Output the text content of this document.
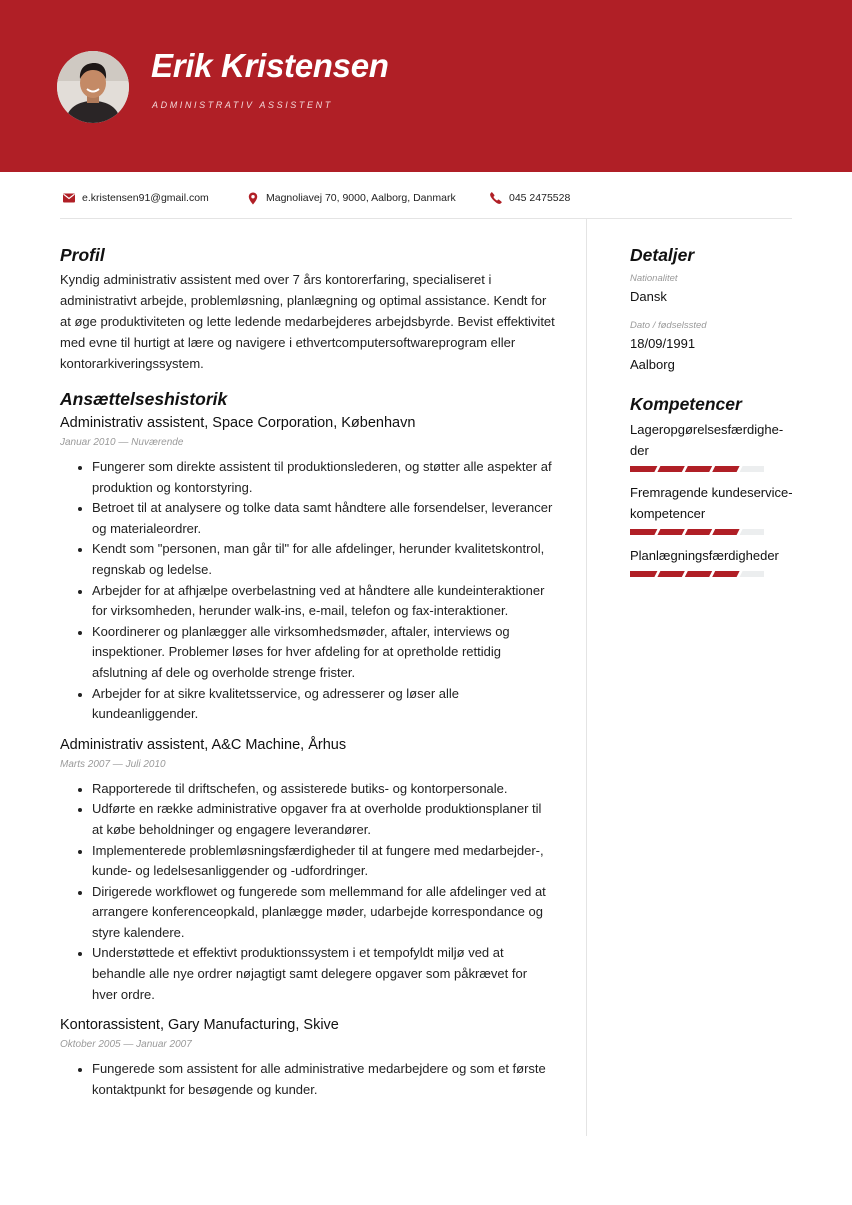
Erik Kristensen
ADMINISTRATIV ASSISTENT
e.kristensen91@gmail.com	Magnoliavej 70, 9000, Aalborg, Danmark	045 2475528
Profil

Kyndig administrativ assistent med over 7 års kontorerfaring, specialiseret i administrativt arbejde, problemløsning, planlægning og optimal assistance. Kendt for at øge produktiviteten og lette ledende medarbejderes arbejdsbyrde. Bevist effektivitet med evne til hurtigt at lære og navigere i ethvertcomputersoftwareprogram eller kontorarkiveringssystem.

Ansættelseshistorik
Administrativ assistent, Space Corporation, København
Januar 2010 — Nuværende
• Fungerer som direkte assistent til produktionslederen, og støtter alle aspekter af produktion og kontorstyring.
• Betroet til at analysere og tolke data samt håndtere alle forsendelser, leverancer og materialeordrer.
• Kendt som "personen, man går til" for alle afdelinger, herunder kvalitetskontrol, regnskab og ledelse.
• Arbejder for at afhjælpe overbelastning ved at håndtere alle kundeinteraktioner for virksomheden, herunder walk-ins, e-mail, telefon og fax-interaktioner.
• Koordinerer og planlægger alle virksomhedsmøder, aftaler, interviews og inspektioner. Problemer løses for hver afdeling for at opretholde rettidig afslutning af dele og overholde strenge frister.
• Arbejder for at sikre kvalitetsservice, og adresserer og løser alle kundeanliggender.
Administrativ assistent, A&C Machine, Århus
Marts 2007 — Juli 2010
• Rapporterede til driftschefen, og assisterede butiks- og kontorpersonale.
• Udførte en række administrative opgaver fra at overholde produktionsplaner til at købe beholdninger og engagere leverandører.
• Implementerede problemløsningsfærdigheder til at fungere med medarbejder-, kunde- og ledelsesanliggender og -udfordringer.
• Dirigerede workflowet og fungerede som mellemmand for alle afdelinger ved at arrangere konferenceopkald, planlægge møder, udarbejde korrespondance og styre kalendere.
• Understøttede et effektivt produktionssystem i et tempofyldt miljø ved at behandle alle nye ordrer nøjagtigt samt delegere opgaver som påkrævet for hver ordre.
Kontorassistent, Gary Manufacturing, Skive
Oktober 2005 — Januar 2007
• Fungerede som assistent for alle administrative medarbejdere og som et første kontaktpunkt for besøgende og kunder.
Detaljer
Nationalitet
Dansk
Dato / fødselssted
18/09/1991
Aalborg
Kompetencer
Lageropgørelsesfærdighe-der
Fremragende kundeservice-kompetencer
Planlægningsfærdigheder
